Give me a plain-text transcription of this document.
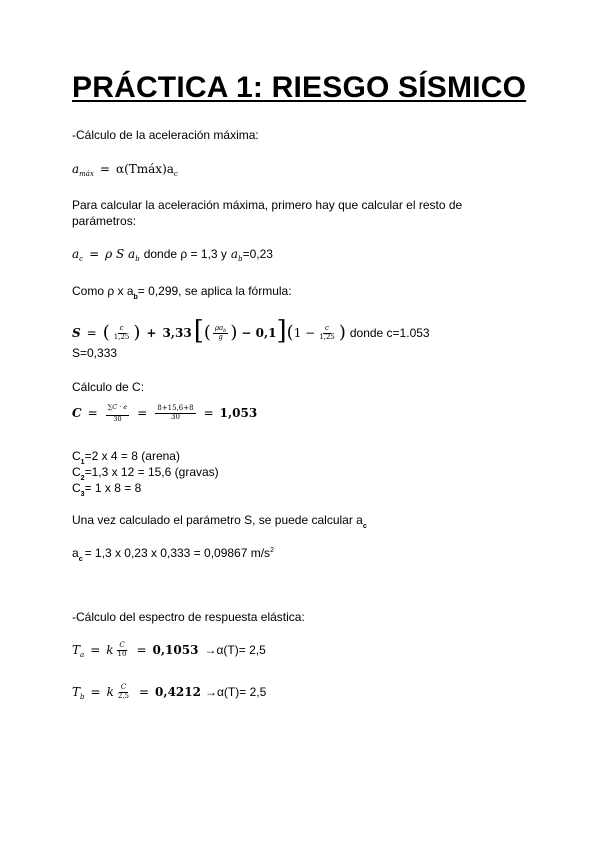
PRÁCTICA 1: RIESGO SÍSMICO
-Cálculo de la aceleración máxima:
a máx = α(Tmáx)a c
Para calcular la aceleración máxima, primero hay que calcular el resto de
parámetros:
a c = ρ S a b donde ρ = 1,3 y a b =0,23
Como ρ x $a_b= 0,299$, se aplica la fórmula:
S = ( $\frac{c}{1,25}$ ) + 3,33 [ ( $\frac{\rho a_b}{g}$ ) − 0,1 ] ( $1 - \frac{c}{1,25}$ ) donde c=1.053
S=0,333
Cálculo de C:
$C = \frac{\sum C \cdot e}{30} = \frac{8+15,6+8}{30} = 1,053$
$C_1=2$ x 4 = 8 (arena)
$C_2=1,3$ x 12 = 15,6 (gravas)
$C_3= 1$ x 8 = 8
Una vez calculado el parámetro S, se puede calcular $a_c$
$a_c = 1,3$ x 0,23 x 0,333 = 0,09867 $m/s^2$
-Cálculo del espectro de respuesta elástica:
T a = k $\frac{C}{10} = 0,1053 \to\alpha(T)= 2,5$
T b = k $\frac{C}{2,5} = 0,4212 \to\alpha(T)= 2,5$
